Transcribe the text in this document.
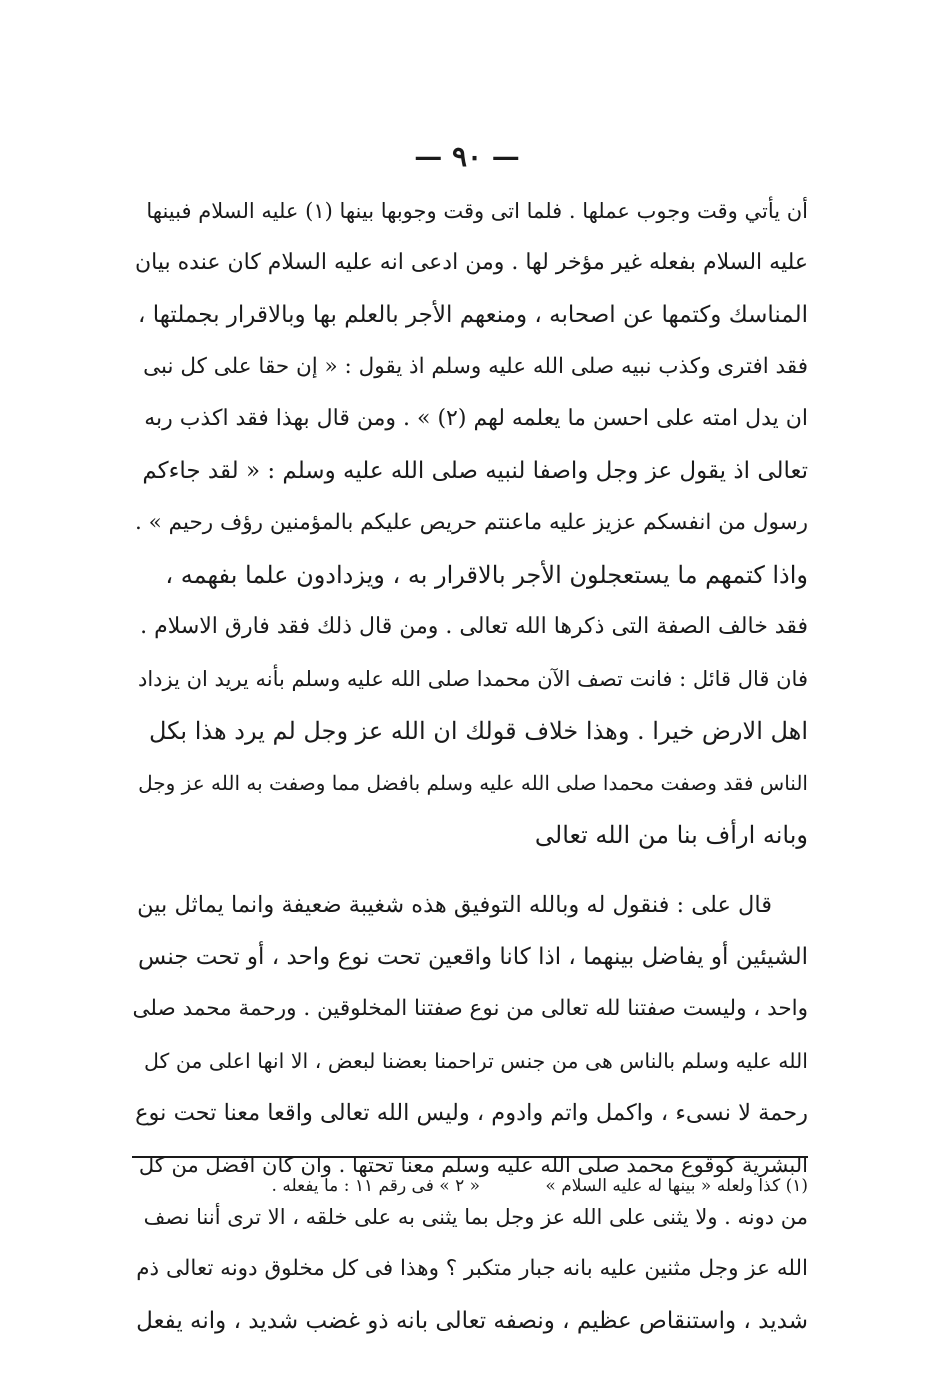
— ٩٠ —
أن يأتي وقت وجوب عملها . فلما اتى وقت وجوبها بينها (١) عليه السلام فبينها
عليه السلام بفعله غير مؤخر لها . ومن ادعى انه عليه السلام كان عنده بيان
المناسك وكتمها عن اصحابه ، ومنعهم الأجر بالعلم بها وبالاقرار بجملتها ،
فقد افترى وكذب نبيه صلى الله عليه وسلم اذ يقول : « إن حقا على كل نبى
ان يدل امته على احسن ما يعلمه لهم (٢) » . ومن قال بهذا فقد اكذب ربه
تعالى اذ يقول عز وجل واصفا لنبيه صلى الله عليه وسلم : « لقد جاءكم
رسول من انفسكم عزيز عليه ماعنتم حريص عليكم بالمؤمنين رؤف رحيم » .
واذا كتمهم ما يستعجلون الأجر بالاقرار به ، ويزدادون علما بفهمه ،
فقد خالف الصفة التى ذكرها الله تعالى . ومن قال ذلك فقد فارق الاسلام .
فان قال قائل : فانت تصف الآن محمدا صلى الله عليه وسلم بأنه يريد ان يزداد
اهل الارض خيرا . وهذا خلاف قولك ان الله عز وجل لم يرد هذا بكل
الناس فقد وصفت محمدا صلى الله عليه وسلم بافضل مما وصفت به الله عز وجل
وبانه ارأف بنا من الله تعالى
قال على : فنقول له وبالله التوفيق هذه شغيبة ضعيفة وانما يماثل بين
الشيئين أو يفاضل بينهما ، اذا كانا واقعين تحت نوع واحد ، أو تحت جنس
واحد ، وليست صفتنا لله تعالى من نوع صفتنا المخلوقين . ورحمة محمد صلى
الله عليه وسلم بالناس هى من جنس تراحمنا بعضنا لبعض ، الا انها اعلى من كل
رحمة لا نسىء ، واكمل واتم وادوم ، وليس الله تعالى واقعا معنا تحت نوع
البشرية كوقوع محمد صلى الله عليه وسلم معنا تحتها . وان كان افضل من كل
من دونه . ولا يثنى على الله عز وجل بما يثنى به على خلقه ، الا ترى أننا نصف
الله عز وجل مثنين عليه بانه جبار متكبر ؟ وهذا فى كل مخلوق دونه تعالى ذم
شديد ، واستنقاص عظيم ، ونصفه تعالى بانه ذو غضب شديد ، وانه يفعل
(١) كذا ولعله « بينها له عليه السلام » « ٢ » فى رقم ١١ : ما يفعله .
